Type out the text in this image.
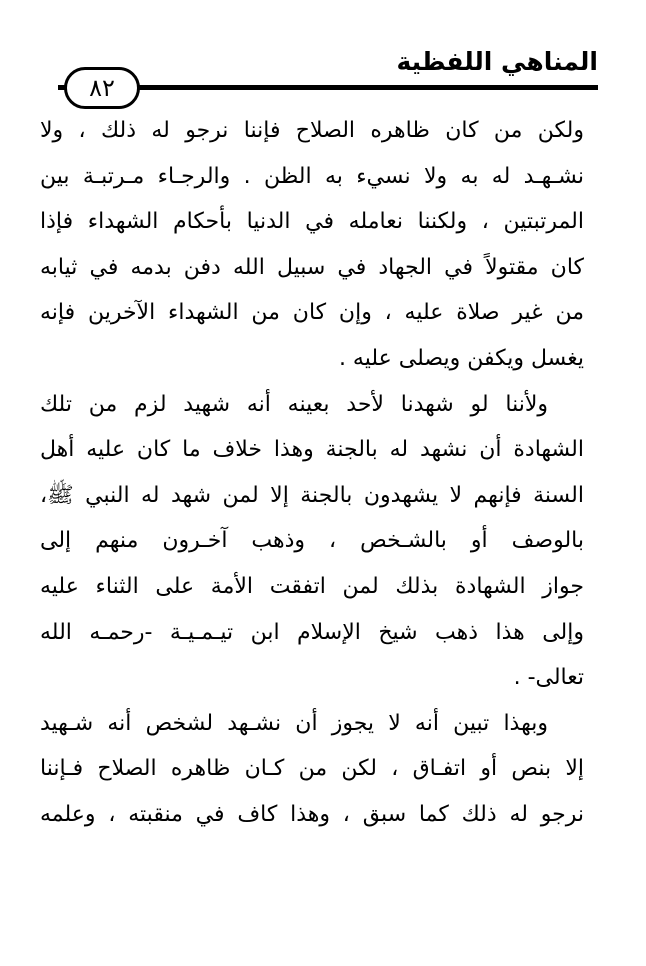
المناهي اللفظية
٨٢
ولكن من كان ظاهره الصلاح فإننا نرجو له ذلك ، ولا
نشـهـد له به ولا نسيء به الظن . والرجـاء مـرتبـة بين
المرتبتين ، ولكننا نعامله في الدنيا بأحكام الشهداء فإذا
كان مقتولاً في الجهاد في سبيل الله دفن بدمه في ثيابه
من غير صلاة عليه ، وإن كان من الشهداء الآخرين فإنه
يغسل ويكفن ويصلى عليه .
ولأننا لو شهدنا لأحد بعينه أنه شهيد لزم من تلك
الشهادة أن نشهد له بالجنة وهذا خلاف ما كان عليه أهل
السنة فإنهم لا يشهدون بالجنة إلا لمن شهد له النبي ﷺ،
بالوصف أو بالشـخص ، وذهب آخـرون منهم إلى
جواز الشهادة بذلك لمن اتفقت الأمة على الثناء عليه
وإلى هذا ذهب شيخ الإسلام ابن تيـمـيـة -رحمـه الله
تعالى- .
وبهذا تبين أنه لا يجوز أن نشـهد لشخص أنه شـهيد
إلا بنص أو اتفـاق ، لكن من كـان ظاهره الصلاح فـإننا
نرجو له ذلك كما سبق ، وهذا كاف في منقبته ، وعلمه
